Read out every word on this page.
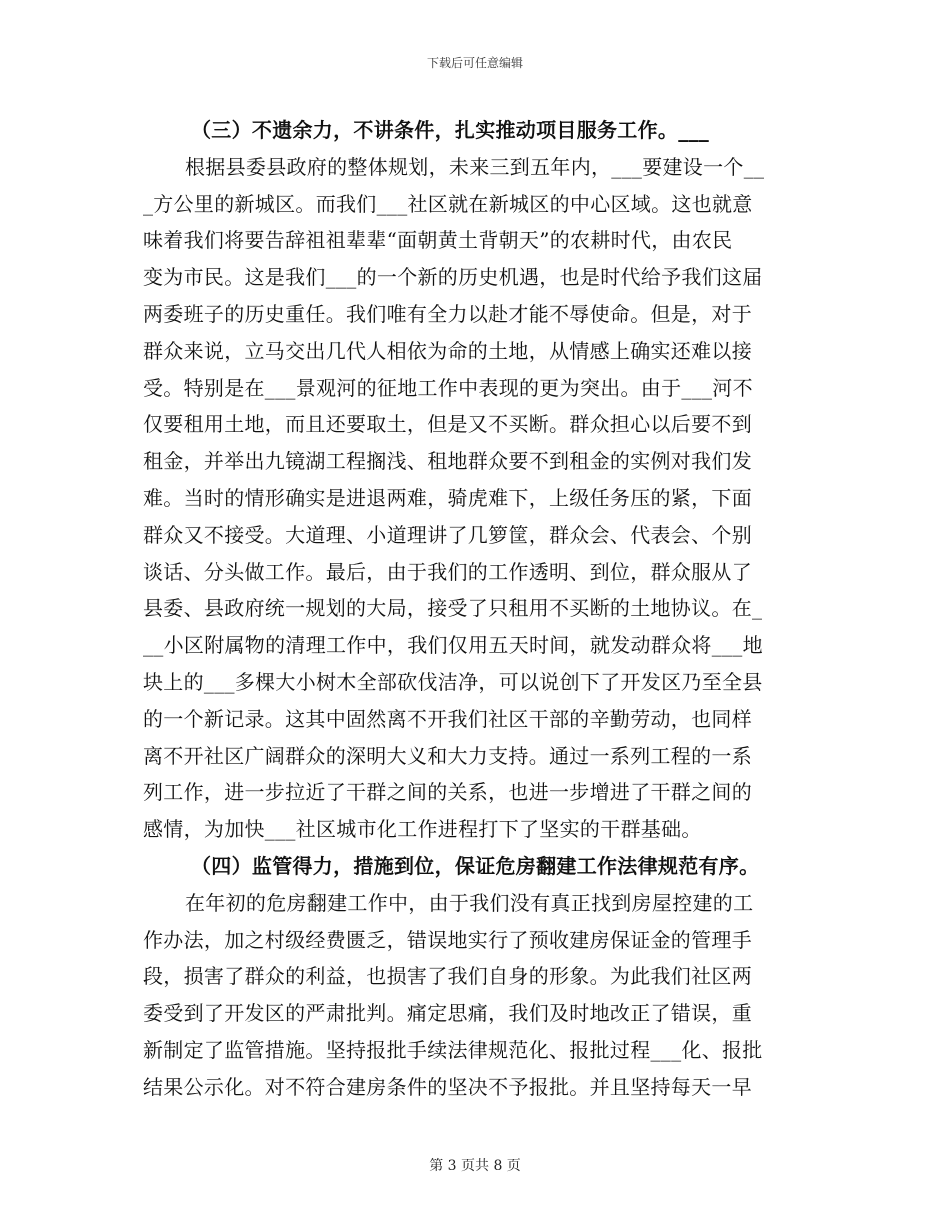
下载后可任意编辑
（三）不遗余力，不讲条件，扎实推动项目服务工作。___
根据县委县政府的整体规划，未来三到五年内，___要建设一个__
_方公里的新城区。而我们___社区就在新城区的中心区域。这也就意
味着我们将要告辞祖祖辈辈“面朝黄土背朝天”的农耕时代，由农民
变为市民。这是我们___的一个新的历史机遇，也是时代给予我们这届
两委班子的历史重任。我们唯有全力以赴才能不辱使命。但是，对于
群众来说，立马交出几代人相依为命的土地，从情感上确实还难以接
受。特别是在___景观河的征地工作中表现的更为突出。由于___河不
仅要租用土地，而且还要取土，但是又不买断。群众担心以后要不到
租金，并举出九镜湖工程搁浅、租地群众要不到租金的实例对我们发
难。当时的情形确实是进退两难，骑虎难下，上级任务压的紧，下面
群众又不接受。大道理、小道理讲了几箩筐，群众会、代表会、个别
谈话、分头做工作。最后，由于我们的工作透明、到位，群众服从了
县委、县政府统一规划的大局，接受了只租用不买断的土地协议。在_
__小区附属物的清理工作中，我们仅用五天时间，就发动群众将___地
块上的___多棵大小树木全部砍伐洁净，可以说创下了开发区乃至全县
的一个新记录。这其中固然离不开我们社区干部的辛勤劳动，也同样
离不开社区广阔群众的深明大义和大力支持。通过一系列工程的一系
列工作，进一步拉近了干群之间的关系，也进一步增进了干群之间的
感情，为加快___社区城市化工作进程打下了坚实的干群基础。
（四）监管得力，措施到位，保证危房翻建工作法律规范有序。
在年初的危房翻建工作中，由于我们没有真正找到房屋控建的工
作办法，加之村级经费匮乏，错误地实行了预收建房保证金的管理手
段，损害了群众的利益，也损害了我们自身的形象。为此我们社区两
委受到了开发区的严肃批判。痛定思痛，我们及时地改正了错误，重
新制定了监管措施。坚持报批手续法律规范化、报批过程___化、报批
结果公示化。对不符合建房条件的坚决不予报批。并且坚持每天一早
第 3 页共 8 页
